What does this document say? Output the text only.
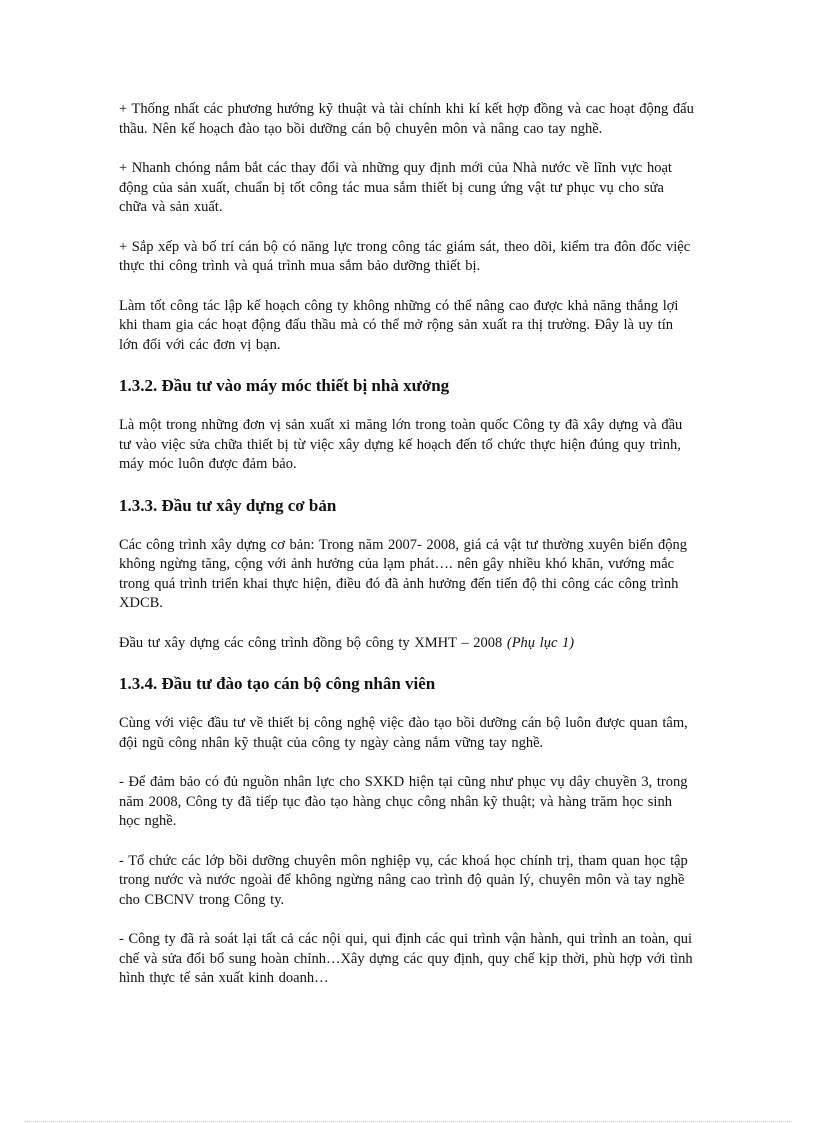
+ Thống nhất các phương hướng kỹ thuật và tài chính khi kí kết hợp đồng và cac hoạt động đấu thầu. Nên kế hoạch đào tạo bồi dưỡng cán bộ chuyên môn và nâng cao tay nghề.

+ Nhanh chóng nắm bắt các thay đổi và những quy định mới của Nhà nước về lĩnh vực hoạt động của sản xuất, chuẩn bị tốt công tác mua sắm thiết bị cung ứng vật tư phục vụ cho sửa chữa và sản xuất.

+ Sắp xếp và bố trí cán bộ có năng lực trong công tác giám sát, theo dõi, kiểm tra đôn đốc việc thực thi công trình và quá trình mua sắm bảo dưỡng thiết bị.

Làm tốt công tác lập kế hoạch công ty không những có thể nâng cao được khả năng thắng lợi khi tham gia các hoạt động đấu thầu mà có thể mở rộng sản xuất ra thị trường. Đây là uy tín lớn đối với các đơn vị bạn.

1.3.2. Đầu tư vào máy móc thiết bị nhà xưởng

Là một trong những đơn vị sản xuất xi măng lớn trong toàn quốc Công ty đã xây dựng và đầu tư vào việc sửa chữa thiết bị từ việc xây dựng kế hoạch đến tổ chức thực hiện đúng quy trình, máy móc luôn được đảm bảo.

1.3.3. Đầu tư xây dựng cơ bản

Các công trình xây dựng cơ bản: Trong năm 2007- 2008, giá cả vật tư thường xuyên biến động không ngừng tăng, cộng với ảnh hưởng của lạm phát…. nên gây nhiều khó khăn, vướng mắc trong quá trình triển khai thực hiện, điều đó đã ảnh hưởng đến tiến độ thi công các công trình XDCB.

Đầu tư xây dựng các công trình đồng bộ công ty XMHT – 2008 (Phụ lục 1)

1.3.4. Đầu tư đào tạo cán bộ công nhân viên

Cùng với việc đầu tư về thiết bị công nghệ việc đào tạo bồi dưỡng cán bộ luôn được quan tâm, đội ngũ công nhân kỹ thuật của công ty ngày càng nắm vững tay nghề.

- Để đảm bảo có đủ nguồn nhân lực cho SXKD hiện tại cũng như phục vụ dây chuyền 3, trong năm 2008, Công ty đã tiếp tục đào tạo hàng chục công nhân kỹ thuật; và hàng trăm học sinh học nghề.

- Tổ chức các lớp bồi dưỡng chuyên môn nghiệp vụ, các khoá học chính trị, tham quan học tập trong nước và nước ngoài để không ngừng nâng cao trình độ quản lý, chuyên môn và tay nghề cho CBCNV trong Công ty.

- Công ty đã rà soát lại tất cả các nội qui, qui định các qui trình vận hành, qui trình an toàn, qui chế và sửa đổi bổ sung hoàn chỉnh…Xây dựng các quy định, quy chế kịp thời, phù hợp với tình hình thực tế sản xuất kinh doanh…
